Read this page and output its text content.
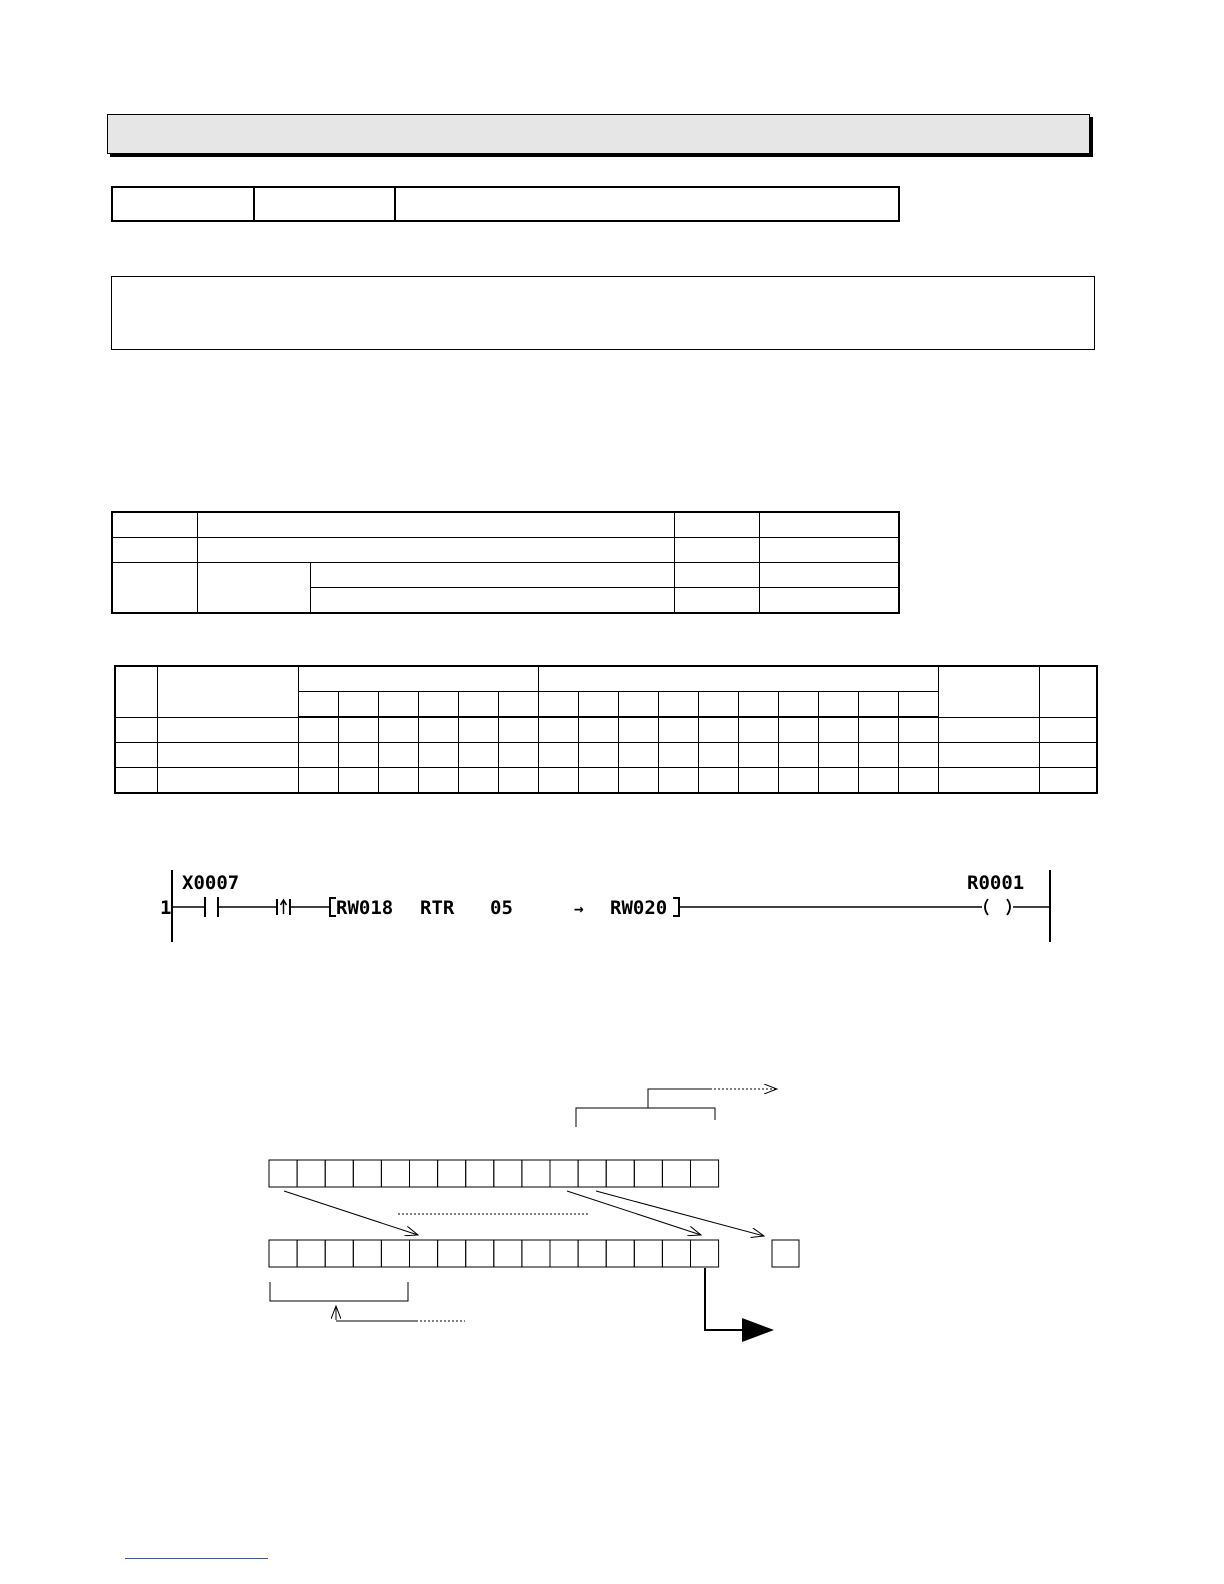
1
X0007
RW018 RTR 05	→ RW020
R0001
